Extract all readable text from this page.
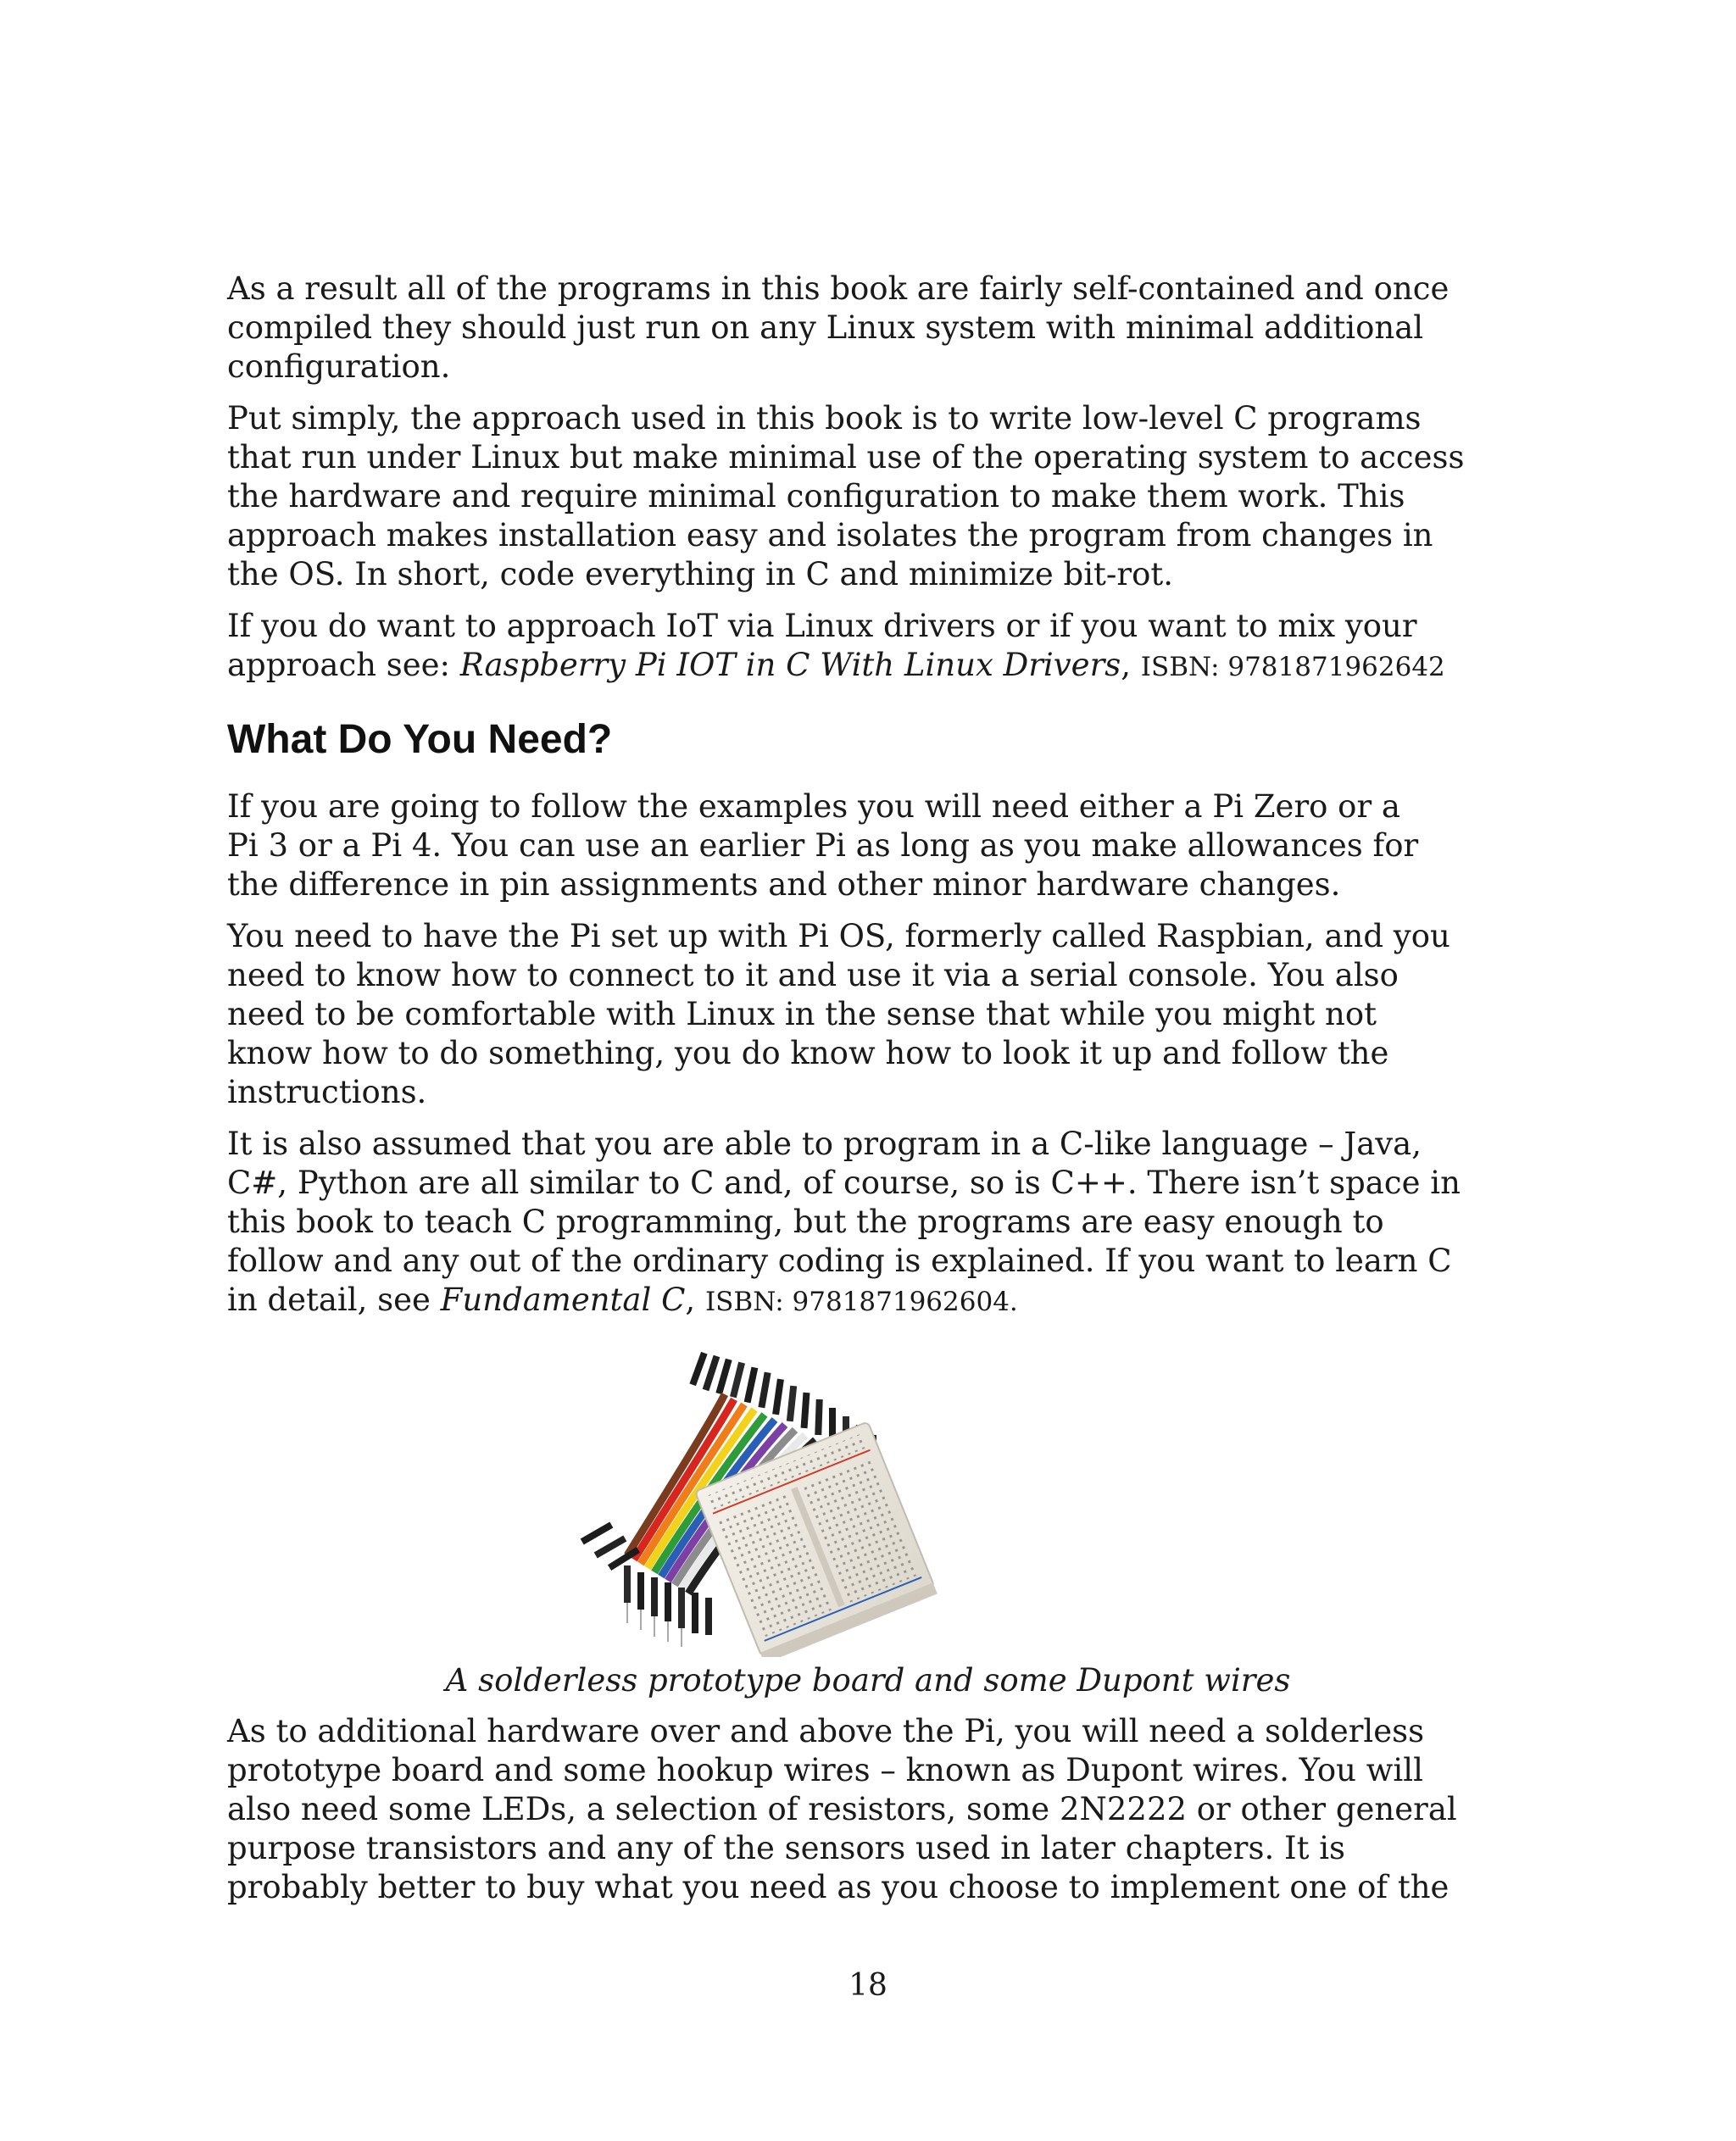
As a result all of the programs in this book are fairly self-contained and once
compiled they should just run on any Linux system with minimal additional
configuration.
Put simply, the approach used in this book is to write low-level C programs
that run under Linux but make minimal use of the operating system to access
the hardware and require minimal configuration to make them work. This
approach makes installation easy and isolates the program from changes in
the OS. In short, code everything in C and minimize bit-rot.
If you do want to approach IoT via Linux drivers or if you want to mix your
approach see: Raspberry Pi IOT in C With Linux Drivers, ISBN: 9781871962642
What Do You Need?
If you are going to follow the examples you will need either a Pi Zero or a
Pi 3 or a Pi 4. You can use an earlier Pi as long as you make allowances for
the difference in pin assignments and other minor hardware changes.
You need to have the Pi set up with Pi OS, formerly called Raspbian, and you
need to know how to connect to it and use it via a serial console. You also
need to be comfortable with Linux in the sense that while you might not
know how to do something, you do know how to look it up and follow the
instructions.
It is also assumed that you are able to program in a C-like language – Java,
C#, Python are all similar to C and, of course, so is C++. There isn’t space in
this book to teach C programming, but the programs are easy enough to
follow and any out of the ordinary coding is explained. If you want to learn C
in detail, see Fundamental C, ISBN: 9781871962604.

A solderless prototype board and some Dupont wires

As to additional hardware over and above the Pi, you will need a solderless
prototype board and some hookup wires – known as Dupont wires. You will
also need some LEDs, a selection of resistors, some 2N2222 or other general
purpose transistors and any of the sensors used in later chapters. It is
probably better to buy what you need as you choose to implement one of the

18
